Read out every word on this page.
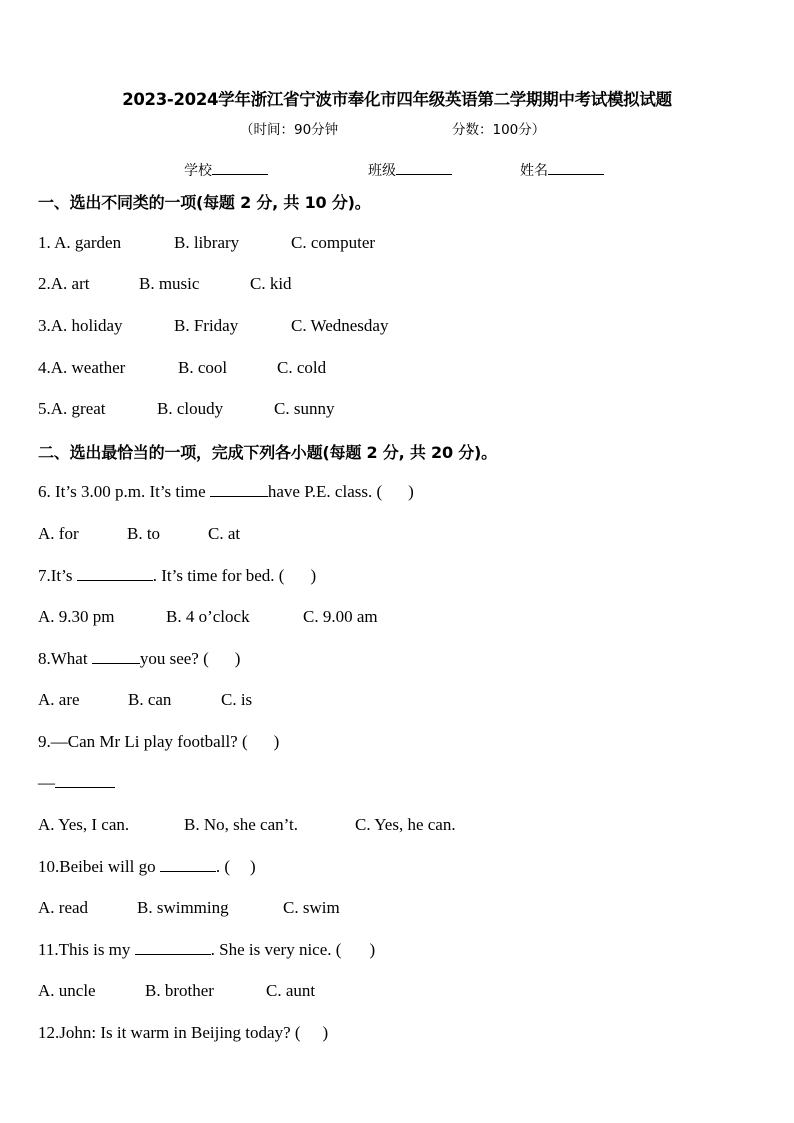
2023-2024学年浙江省宁波市奉化市四年级英语第二学期期中考试模拟试题
（时间：90分钟	分数：100分）
学校	班级	姓名
一、选出不同类的一项(每题 2 分, 共 10 分)。
1. A. garden	B. library	C. computer
2.A. art	B. music	C. kid
3.A. holiday	B. Friday	C. Wednesday
4.A. weather	B. cool	C. cold
5.A. great	B. cloudy	C. sunny
二、选出最恰当的一项，完成下列各小题(每题 2 分, 共 20 分)。
6. It’s 3.00 p.m. It’s time	have P.E. class. ( )
A. for	B. to	C. at
7.It’s	. It’s time for bed. ( )
A. 9.30 pm	B. 4 o’clock	C. 9.00 am
8.What	you see? ( )
A. are	B. can	C. is
9.—Can Mr Li play football? ( )
—
A. Yes, I can.	B. No, she can’t.	C. Yes, he can.
10.Beibei will go	. ( )
A. read	B. swimming	C. swim
11.This is my	. She is very nice. ( )
A. uncle	B. brother	C. aunt
12.John: Is it warm in Beijing today? ( )
